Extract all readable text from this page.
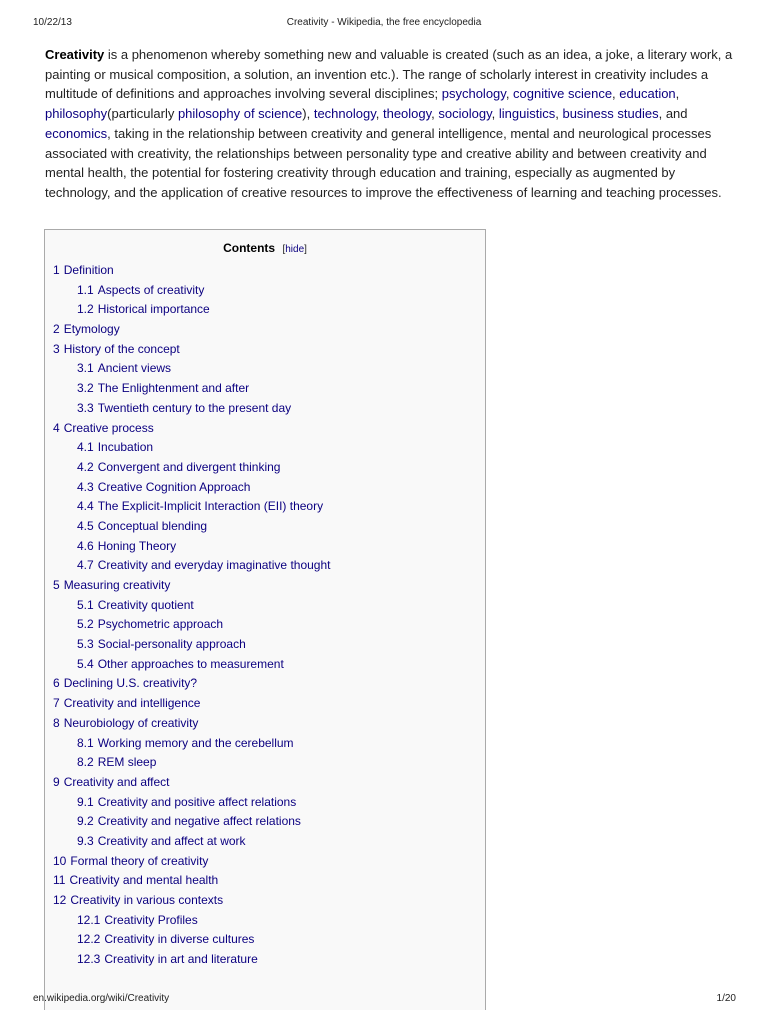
10/22/13	Creativity - Wikipedia, the free encyclopedia
Creativity is a phenomenon whereby something new and valuable is created (such as an idea, a joke, a literary work, a painting or musical composition, a solution, an invention etc.). The range of scholarly interest in creativity includes a multitude of definitions and approaches involving several disciplines; psychology, cognitive science, education, philosophy(particularly philosophy of science), technology, theology, sociology, linguistics, business studies, and economics, taking in the relationship between creativity and general intelligence, mental and neurological processes associated with creativity, the relationships between personality type and creative ability and between creativity and mental health, the potential for fostering creativity through education and training, especially as augmented by technology, and the application of creative resources to improve the effectiveness of learning and teaching processes.
Contents [hide]
1 Definition
1.1 Aspects of creativity
1.2 Historical importance
2 Etymology
3 History of the concept
3.1 Ancient views
3.2 The Enlightenment and after
3.3 Twentieth century to the present day
4 Creative process
4.1 Incubation
4.2 Convergent and divergent thinking
4.3 Creative Cognition Approach
4.4 The Explicit-Implicit Interaction (EII) theory
4.5 Conceptual blending
4.6 Honing Theory
4.7 Creativity and everyday imaginative thought
5 Measuring creativity
5.1 Creativity quotient
5.2 Psychometric approach
5.3 Social-personality approach
5.4 Other approaches to measurement
6 Declining U.S. creativity?
7 Creativity and intelligence
8 Neurobiology of creativity
8.1 Working memory and the cerebellum
8.2 REM sleep
9 Creativity and affect
9.1 Creativity and positive affect relations
9.2 Creativity and negative affect relations
9.3 Creativity and affect at work
10 Formal theory of creativity
11 Creativity and mental health
12 Creativity in various contexts
12.1 Creativity Profiles
12.2 Creativity in diverse cultures
12.3 Creativity in art and literature
en.wikipedia.org/wiki/Creativity	1/20
